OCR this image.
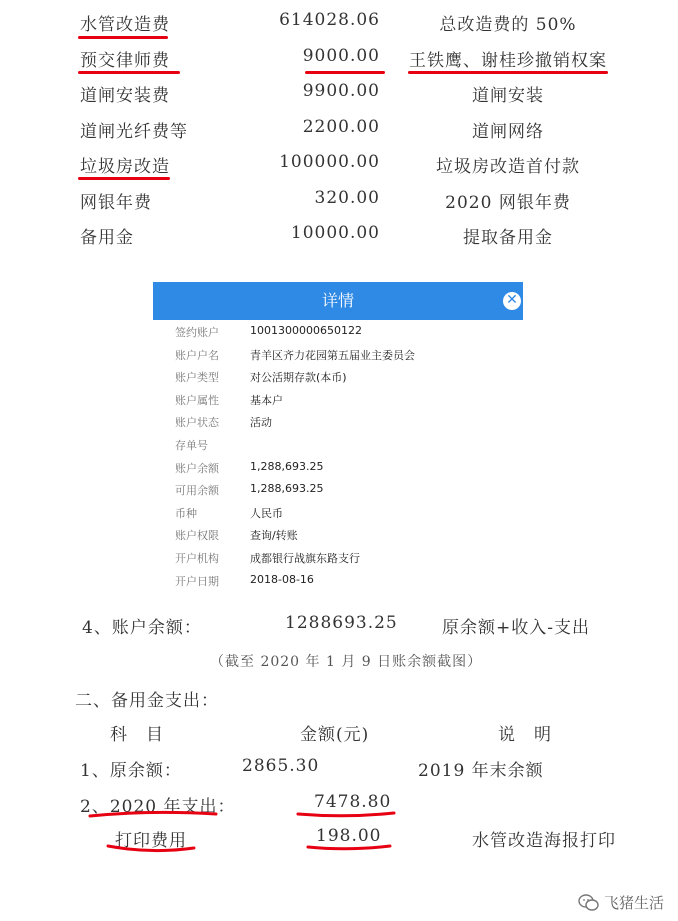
水管改造费	614028.06	总改造费的 50%
预交律师费	9000.00 王铁鹰、谢桂珍撤销权案
道闸安装费	9900.00	道闸安装
道闸光纤费等	2200.00	道闸网络
垃圾房改造	100000.00	垃圾房改造首付款
网银年费	320.00	2020 网银年费
备用金	10000.00	提取备用金
详情	✕
签约账户	1001300000650122
账户户名	青羊区齐力花园第五届业主委员会
账户类型	对公活期存款(本币)
账户属性	基本户
账户状态	活动
存单号
账户余额	1,288,693.25
可用余额	1,288,693.25
币种	人民币
账户权限	查询/转账
开户机构	成都银行战旗东路支行
开户日期	2018-08-16
4、账户余额：	1288693.25	原余额+收入-支出
（截至 2020 年 1 月 9 日账余额截图）
二、备用金支出：
科　目	金额(元)	说　明
1、原余额：	2865.30	2019 年末余额
2、2020 年支出：	7478.80
打印费用	198.00	水管改造海报打印
飞猪生活
